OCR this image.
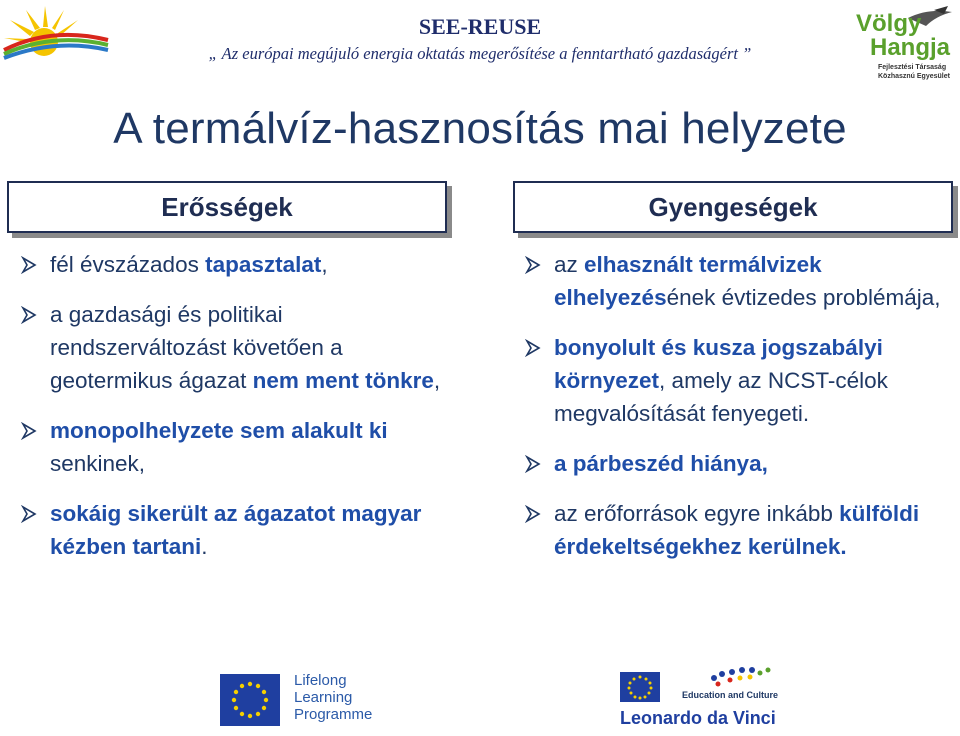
SEE-REUSE
„ Az európai megújuló energia oktatás megerősítése a fenntartható gazdaságért ”
Völgy
Hangja
Fejlesztési Társaság
Közhasznú Egyesület
A termálvíz-hasznosítás mai helyzete
Erősségek	Gyengeségek
fél évszázados tapasztalat,
a gazdasági és politikai rendszerváltozást követően a geotermikus ágazat nem ment tönkre,
monopolhelyzete sem alakult ki senkinek,
sokáig sikerült az ágazatot magyar kézben tartani.
az elhasznált termálvizek elhelyezésének évtizedes problémája,
bonyolult és kusza jogszabályi környezet, amely az NCST-célok megvalósítását fenyegeti.
a párbeszéd hiánya,
az erőforrások egyre inkább külföldi érdekeltségekhez kerülnek.
Lifelong
Learning
Programme
Education and Culture
Leonardo da Vinci
